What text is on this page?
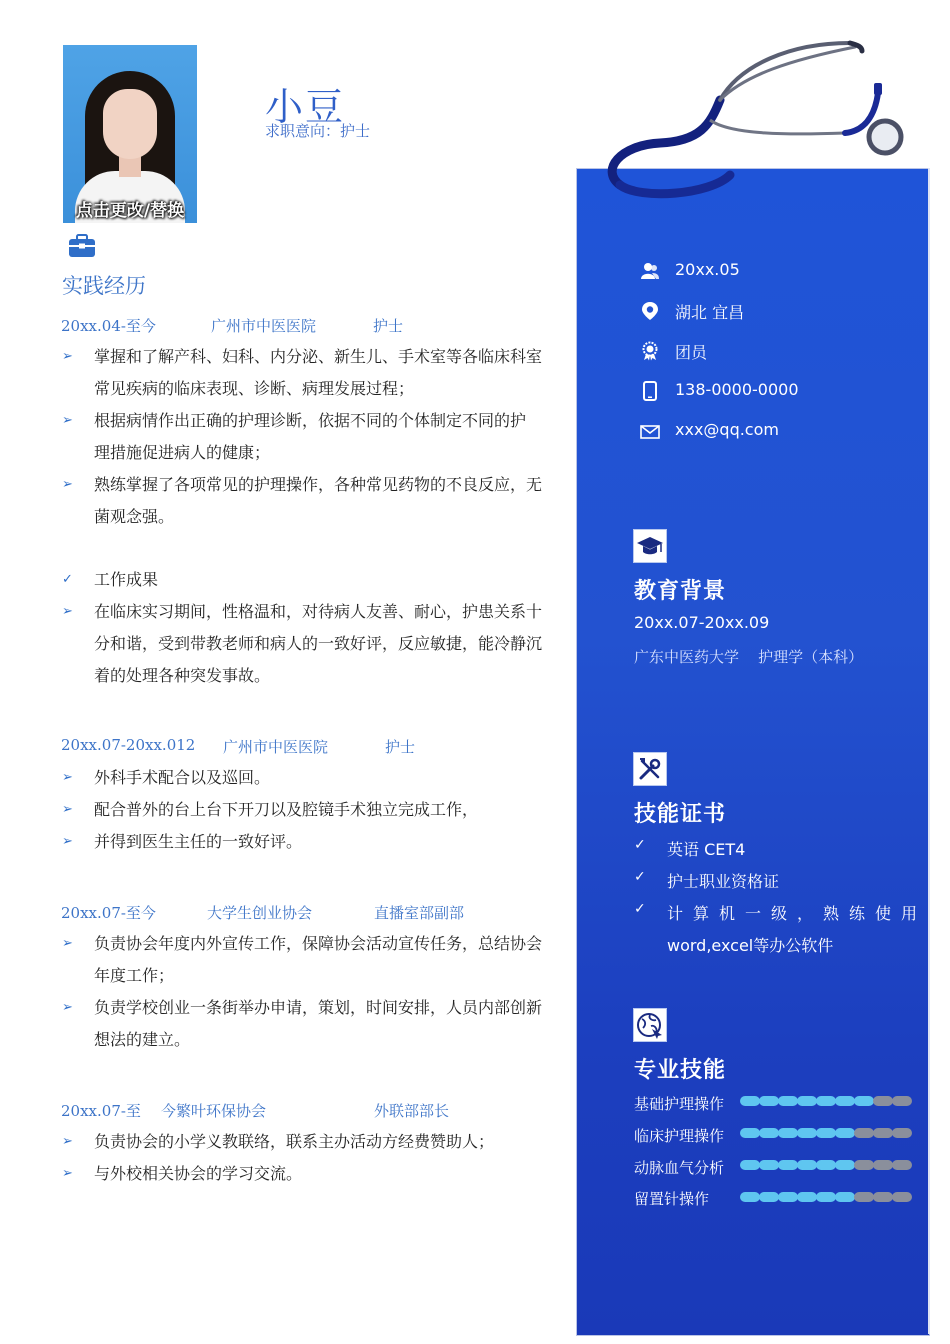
点击更改/替换
小豆
求职意向：护士
实践经历
20xx.04-至今	广州市中医医院	护士
➢	掌握和了解产科、妇科、内分泌、新生儿、手术室等各临床科室
常见疾病的临床表现、诊断、病理发展过程；
➢	根据病情作出正确的护理诊断，依据不同的个体制定不同的护
理措施促进病人的健康；
➢	熟练掌握了各项常见的护理操作，各种常见药物的不良反应，无
菌观念强。
✓	工作成果
➢	在临床实习期间，性格温和，对待病人友善、耐心，护患关系十
分和谐，受到带教老师和病人的一致好评，反应敏捷，能冷静沉
着的处理各种突发事故。
20xx.07-20xx.012 广州市中医医院	护士
➢	外科手术配合以及巡回。
➢	配合普外的台上台下开刀以及腔镜手术独立完成工作，
➢	并得到医生主任的一致好评。
20xx.07-至今	大学生创业协会	直播室部副部
➢	负责协会年度内外宣传工作，保障协会活动宣传任务，总结协会
年度工作；
➢	负责学校创业一条街举办申请，策划，时间安排，人员内部创新
想法的建立。
20xx.07-至 今繁叶环保协会	外联部部长
➢	负责协会的小学义教联络，联系主办活动方经费赞助人；
➢	与外校相关协会的学习交流。
20xx.05
湖北 宜昌
团员
138-0000-0000
xxx@qq.com
教育背景
20xx.07-20xx.09
广东中医药大学    护理学（本科）
技能证书
✓ 英语 CET4
✓ 护士职业资格证
✓ 计算机一级，熟练使用
word,excel等办公软件
专业技能
基础护理操作
临床护理操作
动脉血气分析
留置针操作
